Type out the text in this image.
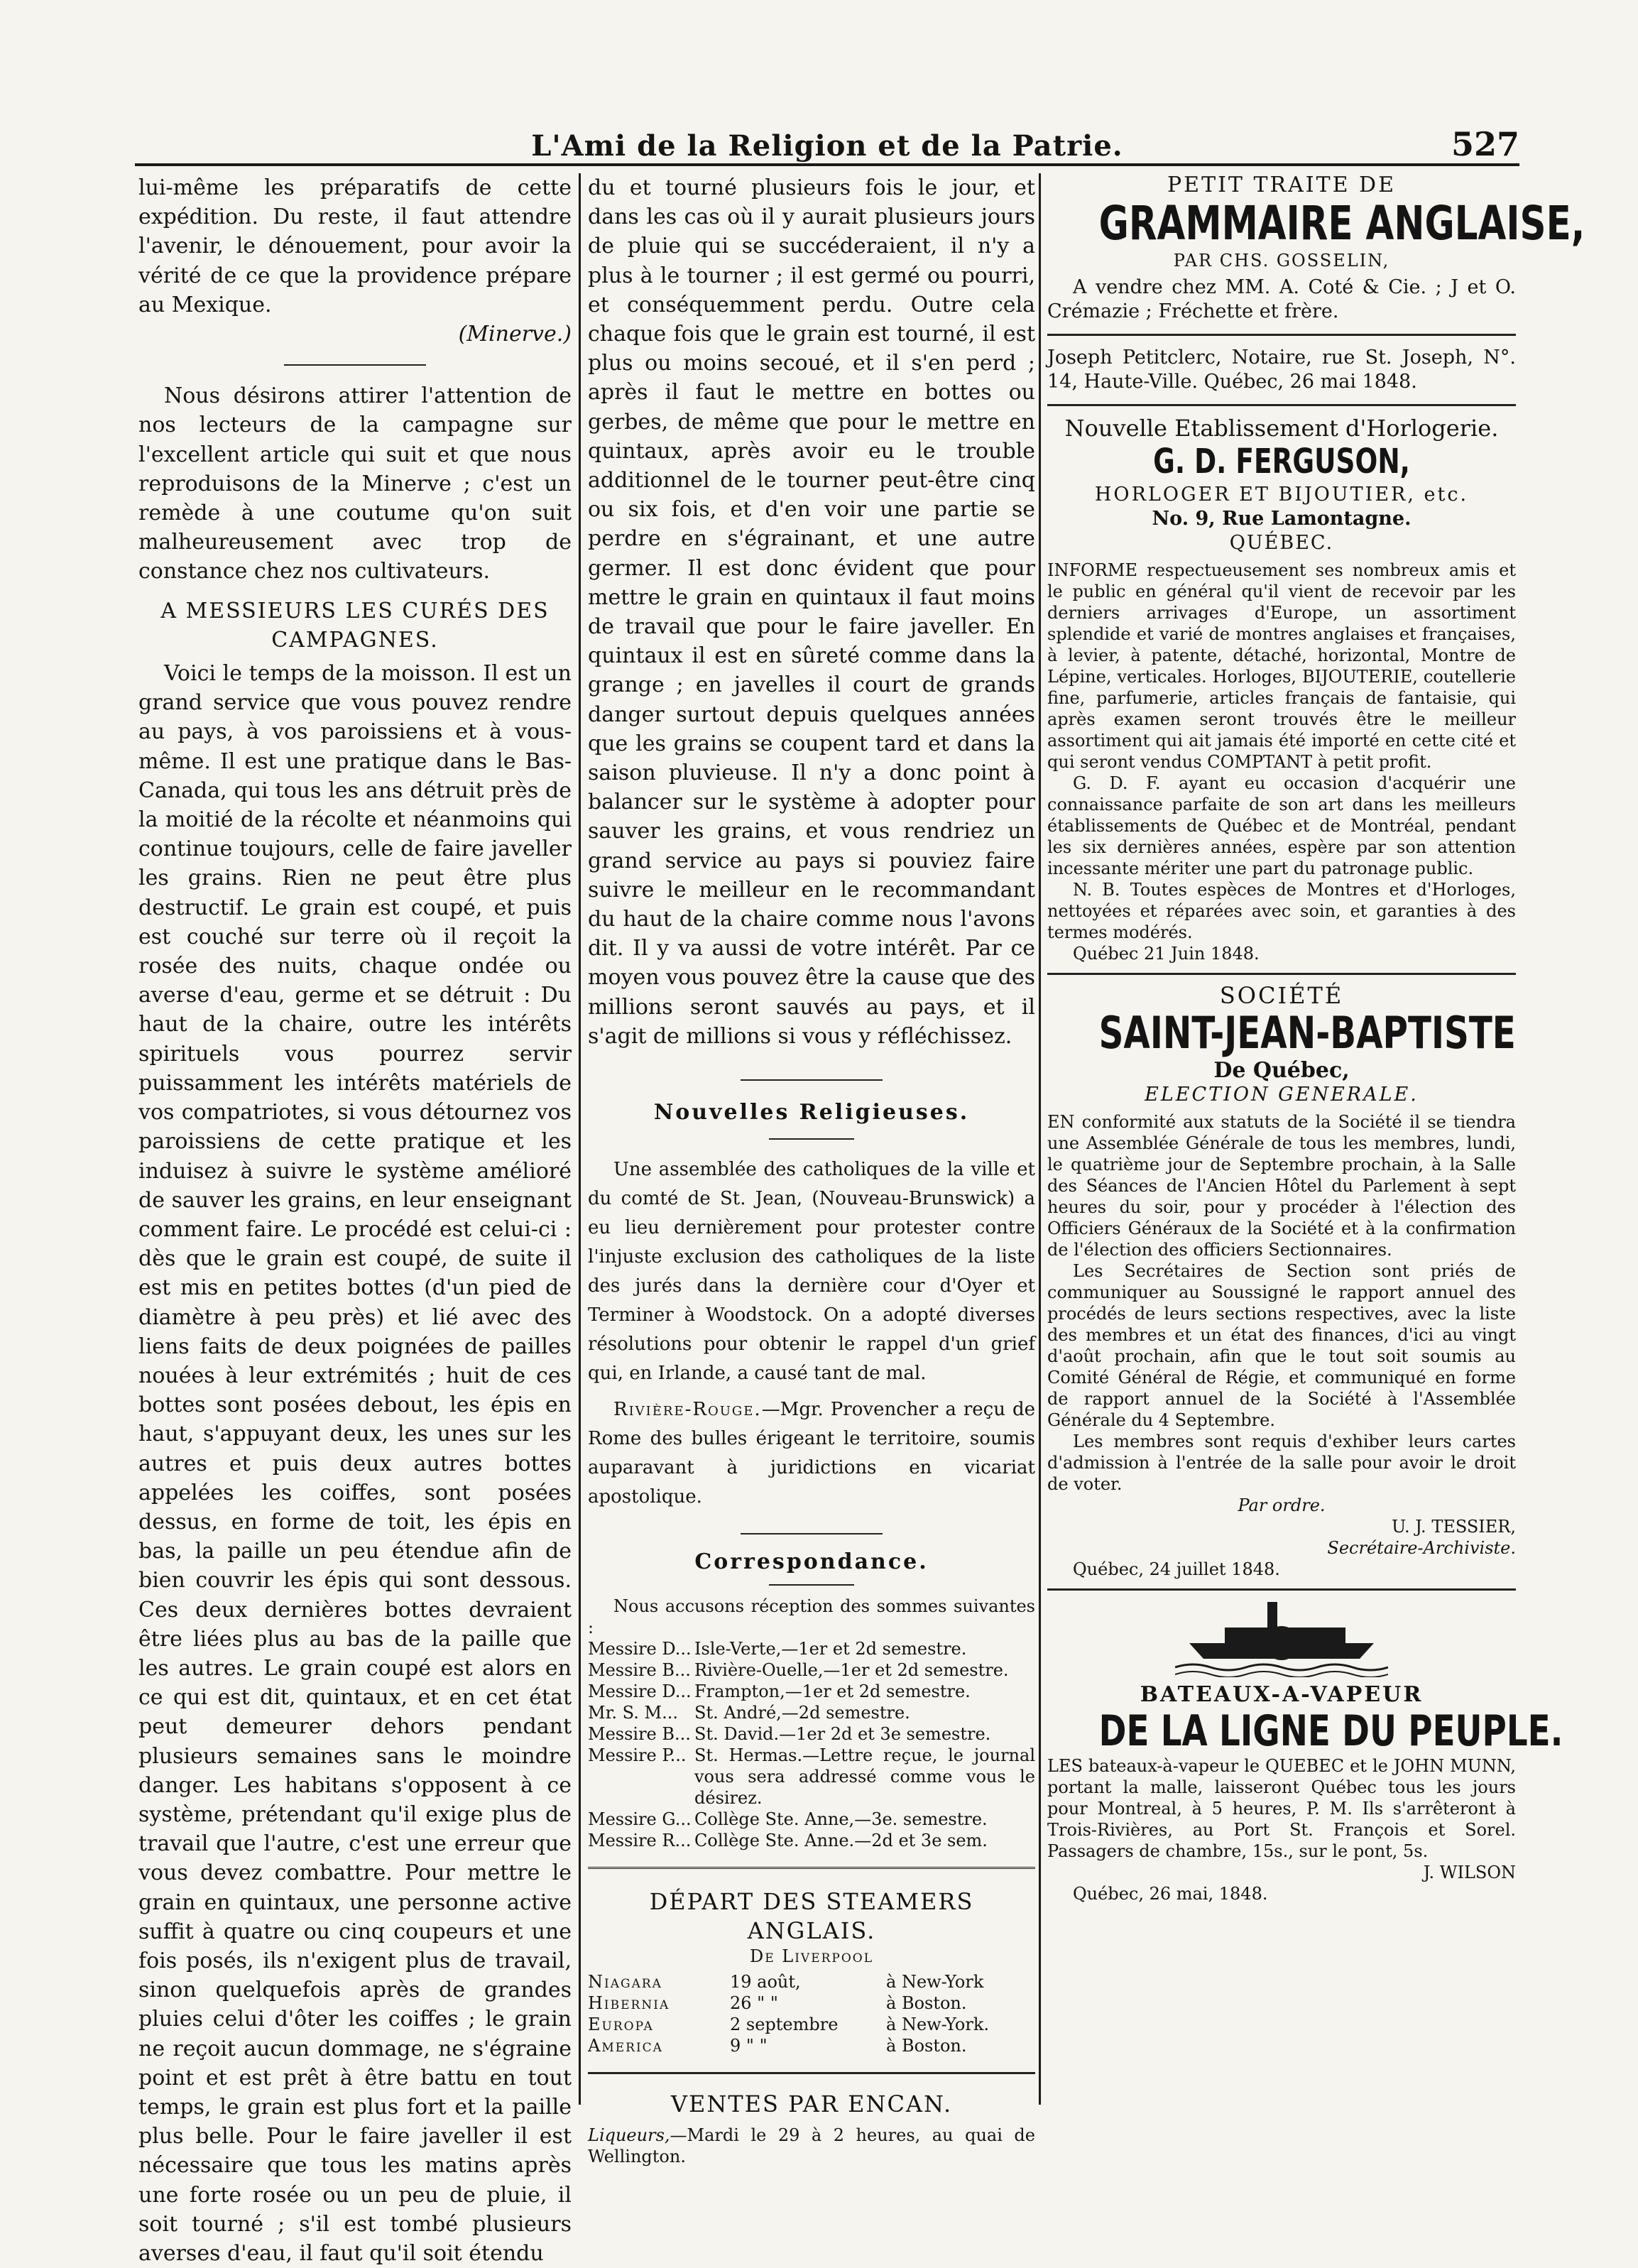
L'Ami de la Religion et de la Patrie.	527

lui-même les préparatifs de cette expédition. Du reste, il faut attendre l'avenir, le dénouement, pour avoir la vérité de ce que la providence prépare au Mexique.

(Minerve.)

Nous désirons attirer l'attention de nos lecteurs de la campagne sur l'excellent article qui suit et que nous reproduisons de la Minerve ; c'est un remède à une coutume qu'on suit malheureusement avec trop de constance chez nos cultivateurs.

A MESSIEURS LES CURÉS DES CAMPAGNES.

Voici le temps de la moisson. Il est un grand service que vous pouvez rendre au pays, à vos paroissiens et à vous-même. Il est une pratique dans le Bas-Canada, qui tous les ans détruit près de la moitié de la récolte et néanmoins qui continue toujours, celle de faire javeller les grains. Rien ne peut être plus destructif. Le grain est coupé, et puis est couché sur terre où il reçoit la rosée des nuits, chaque ondée ou averse d'eau, germe et se détruit : Du haut de la chaire, outre les intérêts spirituels vous pourrez servir puissamment les intérêts matériels de vos compatriotes, si vous détournez vos paroissiens de cette pratique et les induisez à suivre le système amélioré de sauver les grains, en leur enseignant comment faire. Le procédé est celui-ci : dès que le grain est coupé, de suite il est mis en petites bottes (d'un pied de diamètre à peu près) et lié avec des liens faits de deux poignées de pailles nouées à leur extrémités ; huit de ces bottes sont posées debout, les épis en haut, s'appuyant deux, les unes sur les autres et puis deux autres bottes appelées les coiffes, sont posées dessus, en forme de toit, les épis en bas, la paille un peu étendue afin de bien couvrir les épis qui sont dessous. Ces deux dernières bottes devraient être liées plus au bas de la paille que les autres. Le grain coupé est alors en ce qui est dit, quintaux, et en cet état peut demeurer dehors pendant plusieurs semaines sans le moindre danger. Les habitans s'opposent à ce système, prétendant qu'il exige plus de travail que l'autre, c'est une erreur que vous devez combattre. Pour mettre le grain en quintaux, une personne active suffit à quatre ou cinq coupeurs et une fois posés, ils n'exigent plus de travail, sinon quelquefois après de grandes pluies celui d'ôter les coiffes ; le grain ne reçoit aucun dommage, ne s'égraine point et est prêt à être battu en tout temps, le grain est plus fort et la paille plus belle. Pour le faire javeller il est nécessaire que tous les matins après une forte rosée ou un peu de pluie, il soit tourné ; s'il est tombé plusieurs averses d'eau, il faut qu'il soit étendu

du et tourné plusieurs fois le jour, et dans les cas où il y aurait plusieurs jours de pluie qui se succéderaient, il n'y a plus à le tourner ; il est germé ou pourri, et conséquemment perdu. Outre cela chaque fois que le grain est tourné, il est plus ou moins secoué, et il s'en perd ; après il faut le mettre en bottes ou gerbes, de même que pour le mettre en quintaux, après avoir eu le trouble additionnel de le tourner peut-être cinq ou six fois, et d'en voir une partie se perdre en s'égrainant, et une autre germer. Il est donc évident que pour mettre le grain en quintaux il faut moins de travail que pour le faire javeller. En quintaux il est en sûreté comme dans la grange ; en javelles il court de grands danger surtout depuis quelques années que les grains se coupent tard et dans la saison pluvieuse. Il n'y a donc point à balancer sur le système à adopter pour sauver les grains, et vous rendriez un grand service au pays si pouviez faire suivre le meilleur en le recommandant du haut de la chaire comme nous l'avons dit. Il y va aussi de votre intérêt. Par ce moyen vous pouvez être la cause que des millions seront sauvés au pays, et il s'agit de millions si vous y réfléchissez.

Nouvelles Religieuses.

Une assemblée des catholiques de la ville et du comté de St. Jean, (Nouveau-Brunswick) a eu lieu dernièrement pour protester contre l'injuste exclusion des catholiques de la liste des jurés dans la dernière cour d'Oyer et Terminer à Woodstock. On a adopté diverses résolutions pour obtenir le rappel d'un grief qui, en Irlande, a causé tant de mal.

Rivière-Rouge.—Mgr. Provencher a reçu de Rome des bulles érigeant le territoire, soumis auparavant à juridictions en vicariat apostolique.

Correspondance.

Nous accusons réception des sommes suivantes :

Messire D... Isle-Verte,—1er et 2d semestre.
Messire B... Rivière-Ouelle,—1er et 2d semestre.
Messire D... Frampton,—1er et 2d semestre.
Mr. S. M... St. André,—2d semestre.
Messire B... St. David.—1er 2d et 3e semestre.
Messire P... St. Hermas.—Lettre reçue, le journal vous sera addressé comme vous le désirez.
Messire G... Collège Ste. Anne,—3e. semestre.
Messire R... Collège Ste. Anne.—2d et 3e sem.

DÉPART DES STEAMERS ANGLAIS.

De Liverpool

Niagara	19 août,	à New-York
Hibernia	26 " "	à Boston.
Europa	2 septembre	à New-York.
America	9 " "	à Boston.

VENTES PAR ENCAN.

Liqueurs,—Mardi le 29 à 2 heures, au quai de Wellington.

PETIT TRAITE DE

GRAMMAIRE ANGLAISE,

PAR CHS. GOSSELIN,

A vendre chez MM. A. Coté & Cie. ; J et O. Crémazie ; Fréchette et frère.

Joseph Petitclerc, Notaire, rue St. Joseph, N°. 14, Haute-Ville. Québec, 26 mai 1848.

Nouvelle Etablissement d'Horlogerie.

G. D. FERGUSON,

HORLOGER ET BIJOUTIER, etc.

No. 9, Rue Lamontagne.

QUÉBEC.

INFORME respectueusement ses nombreux amis et le public en général qu'il vient de recevoir par les derniers arrivages d'Europe, un assortiment splendide et varié de montres anglaises et françaises, à levier, à patente, détaché, horizontal, Montre de Lépine, verticales. Horloges, BIJOUTERIE, coutellerie fine, parfumerie, articles français de fantaisie, qui après examen seront trouvés être le meilleur assortiment qui ait jamais été importé en cette cité et qui seront vendus COMPTANT à petit profit.

G. D. F. ayant eu occasion d'acquérir une connaissance parfaite de son art dans les meilleurs établissements de Québec et de Montréal, pendant les six dernières années, espère par son attention incessante mériter une part du patronage public.

N. B. Toutes espèces de Montres et d'Horloges, nettoyées et réparées avec soin, et garanties à des termes modérés.

Québec 21 Juin 1848.

SOCIÉTÉ

SAINT-JEAN-BAPTISTE

De Québec,

ELECTION GENERALE.

EN conformité aux statuts de la Société il se tiendra une Assemblée Générale de tous les membres, lundi, le quatrième jour de Septembre prochain, à la Salle des Séances de l'Ancien Hôtel du Parlement à sept heures du soir, pour y procéder à l'élection des Officiers Généraux de la Société et à la confirmation de l'élection des officiers Sectionnaires.

Les Secrétaires de Section sont priés de communiquer au Soussigné le rapport annuel des procédés de leurs sections respectives, avec la liste des membres et un état des finances, d'ici au vingt d'août prochain, afin que le tout soit soumis au Comité Général de Régie, et communiqué en forme de rapport annuel de la Société à l'Assemblée Générale du 4 Septembre.

Les membres sont requis d'exhiber leurs cartes d'admission à l'entrée de la salle pour avoir le droit de voter.

Par ordre.

U. J. TESSIER,

Secrétaire-Archiviste.

Québec, 24 juillet 1848.

BATEAUX-A-VAPEUR

DE LA LIGNE DU PEUPLE.

LES bateaux-à-vapeur le QUEBEC et le JOHN MUNN, portant la malle, laisseront Québec tous les jours pour Montreal, à 5 heures, P. M. Ils s'arrêteront à Trois-Rivières, au Port St. François et Sorel. Passagers de chambre, 15s., sur le pont, 5s.

J. WILSON

Québec, 26 mai, 1848.
